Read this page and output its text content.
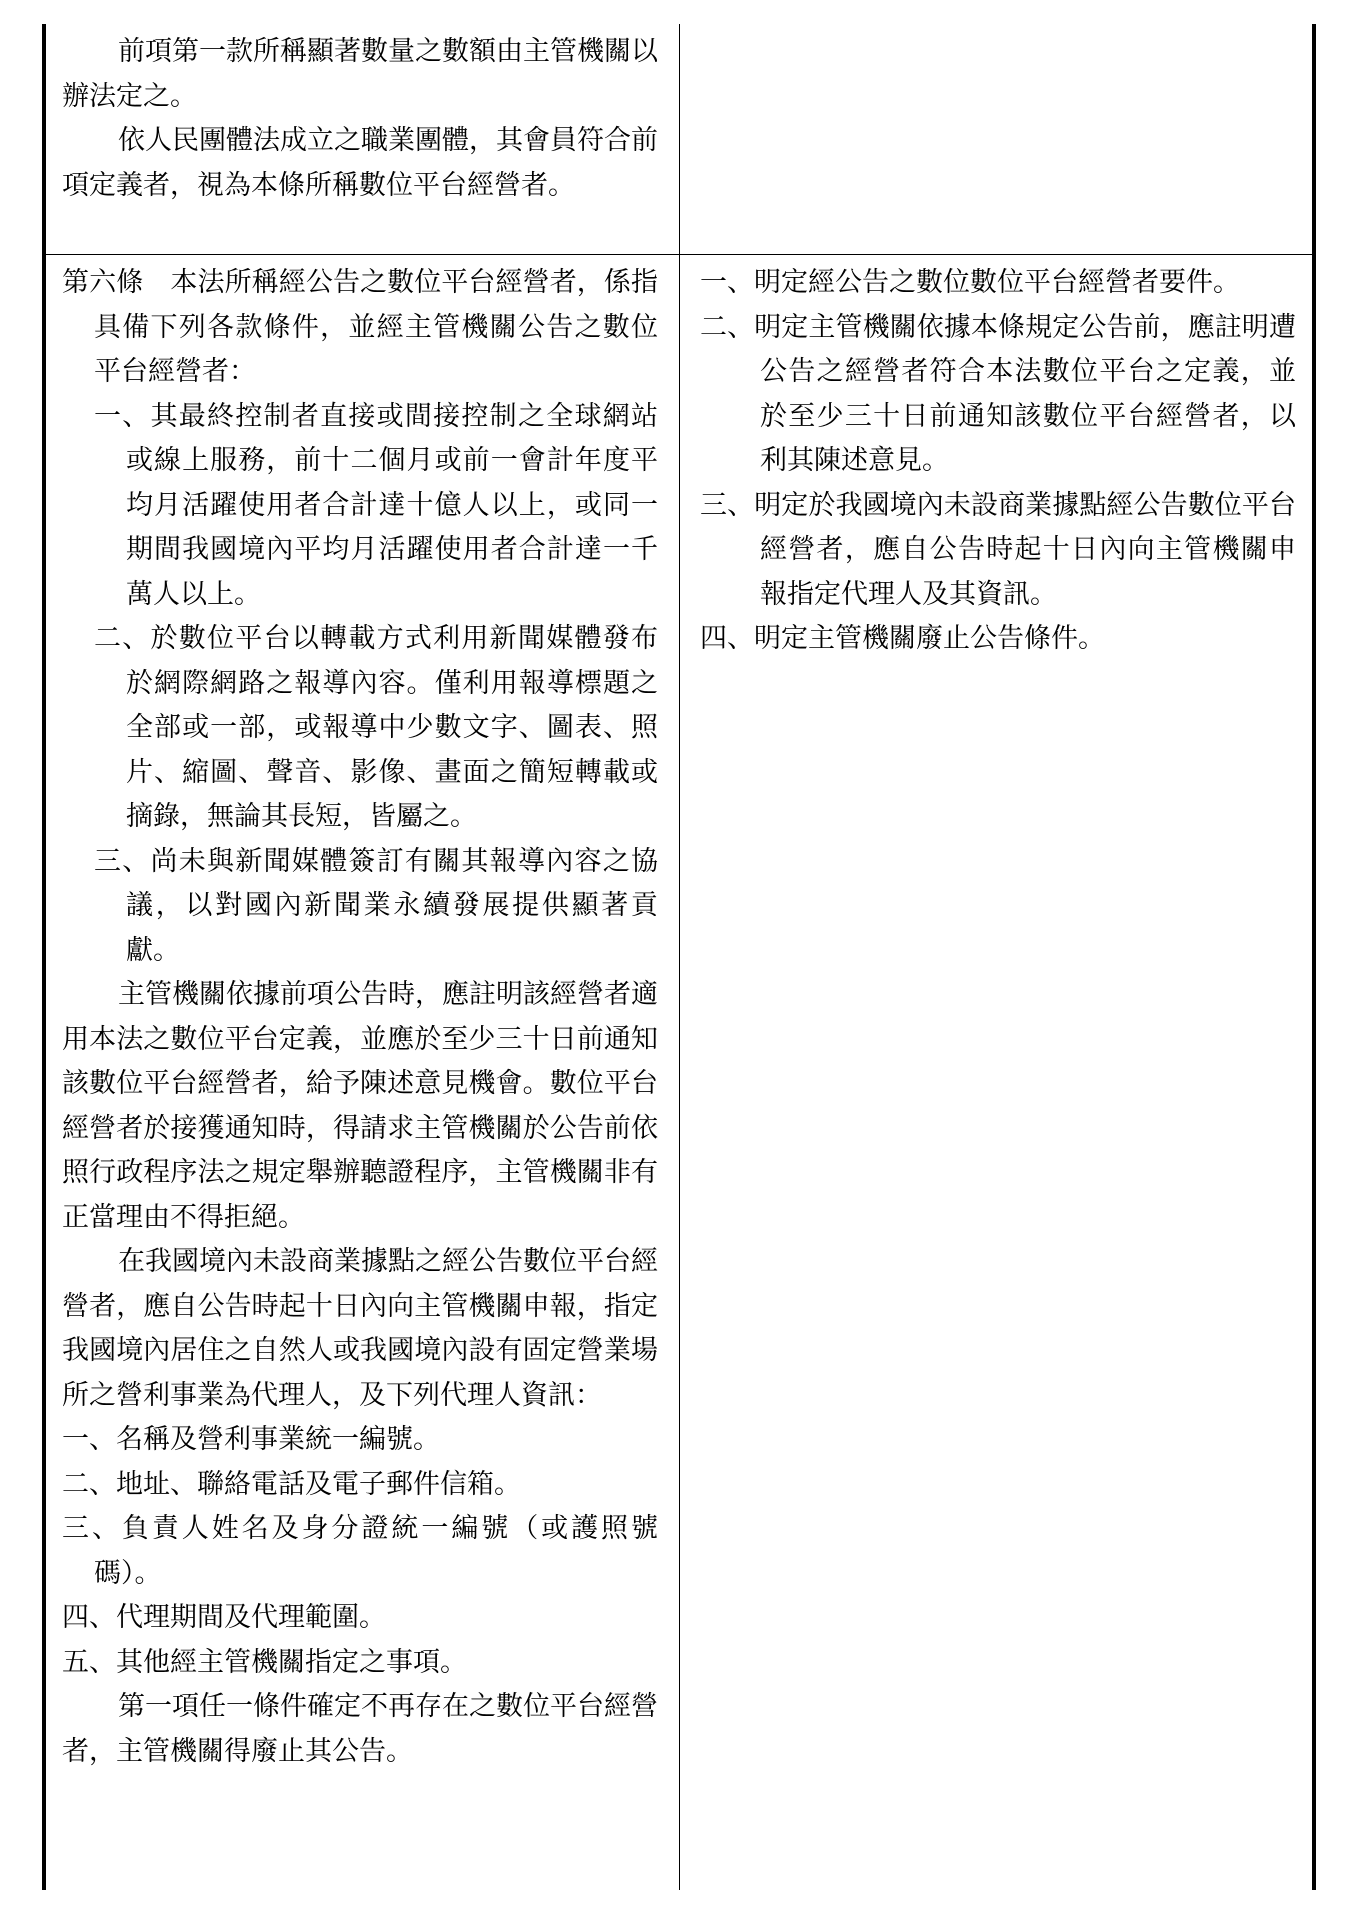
前項第一款所稱顯著數量之數額由主管機關以辦法定之。

依人民團體法成立之職業團體，其會員符合前項定義者，視為本條所稱數位平台經營者。

第六條　本法所稱經公告之數位平台經營者，係指具備下列各款條件，並經主管機關公告之數位平台經營者：

一、其最終控制者直接或間接控制之全球網站或線上服務，前十二個月或前一會計年度平均月活躍使用者合計達十億人以上，或同一期間我國境內平均月活躍使用者合計達一千萬人以上。

二、於數位平台以轉載方式利用新聞媒體發布於網際網路之報導內容。僅利用報導標題之全部或一部，或報導中少數文字、圖表、照片、縮圖、聲音、影像、畫面之簡短轉載或摘錄，無論其長短，皆屬之。

三、尚未與新聞媒體簽訂有關其報導內容之協議，以對國內新聞業永續發展提供顯著貢獻。

主管機關依據前項公告時，應註明該經營者適用本法之數位平台定義，並應於至少三十日前通知該數位平台經營者，給予陳述意見機會。數位平台經營者於接獲通知時，得請求主管機關於公告前依照行政程序法之規定舉辦聽證程序，主管機關非有正當理由不得拒絕。

在我國境內未設商業據點之經公告數位平台經營者，應自公告時起十日內向主管機關申報，指定我國境內居住之自然人或我國境內設有固定營業場所之營利事業為代理人，及下列代理人資訊：

一、名稱及營利事業統一編號。

二、地址、聯絡電話及電子郵件信箱。

三、負責人姓名及身分證統一編號（或護照號碼）。

四、代理期間及代理範圍。

五、其他經主管機關指定之事項。

第一項任一條件確定不再存在之數位平台經營者，主管機關得廢止其公告。

一、明定經公告之數位數位平台經營者要件。

二、明定主管機關依據本條規定公告前，應註明遭公告之經營者符合本法數位平台之定義，並於至少三十日前通知該數位平台經營者，以利其陳述意見。

三、明定於我國境內未設商業據點經公告數位平台經營者，應自公告時起十日內向主管機關申報指定代理人及其資訊。

四、明定主管機關廢止公告條件。
